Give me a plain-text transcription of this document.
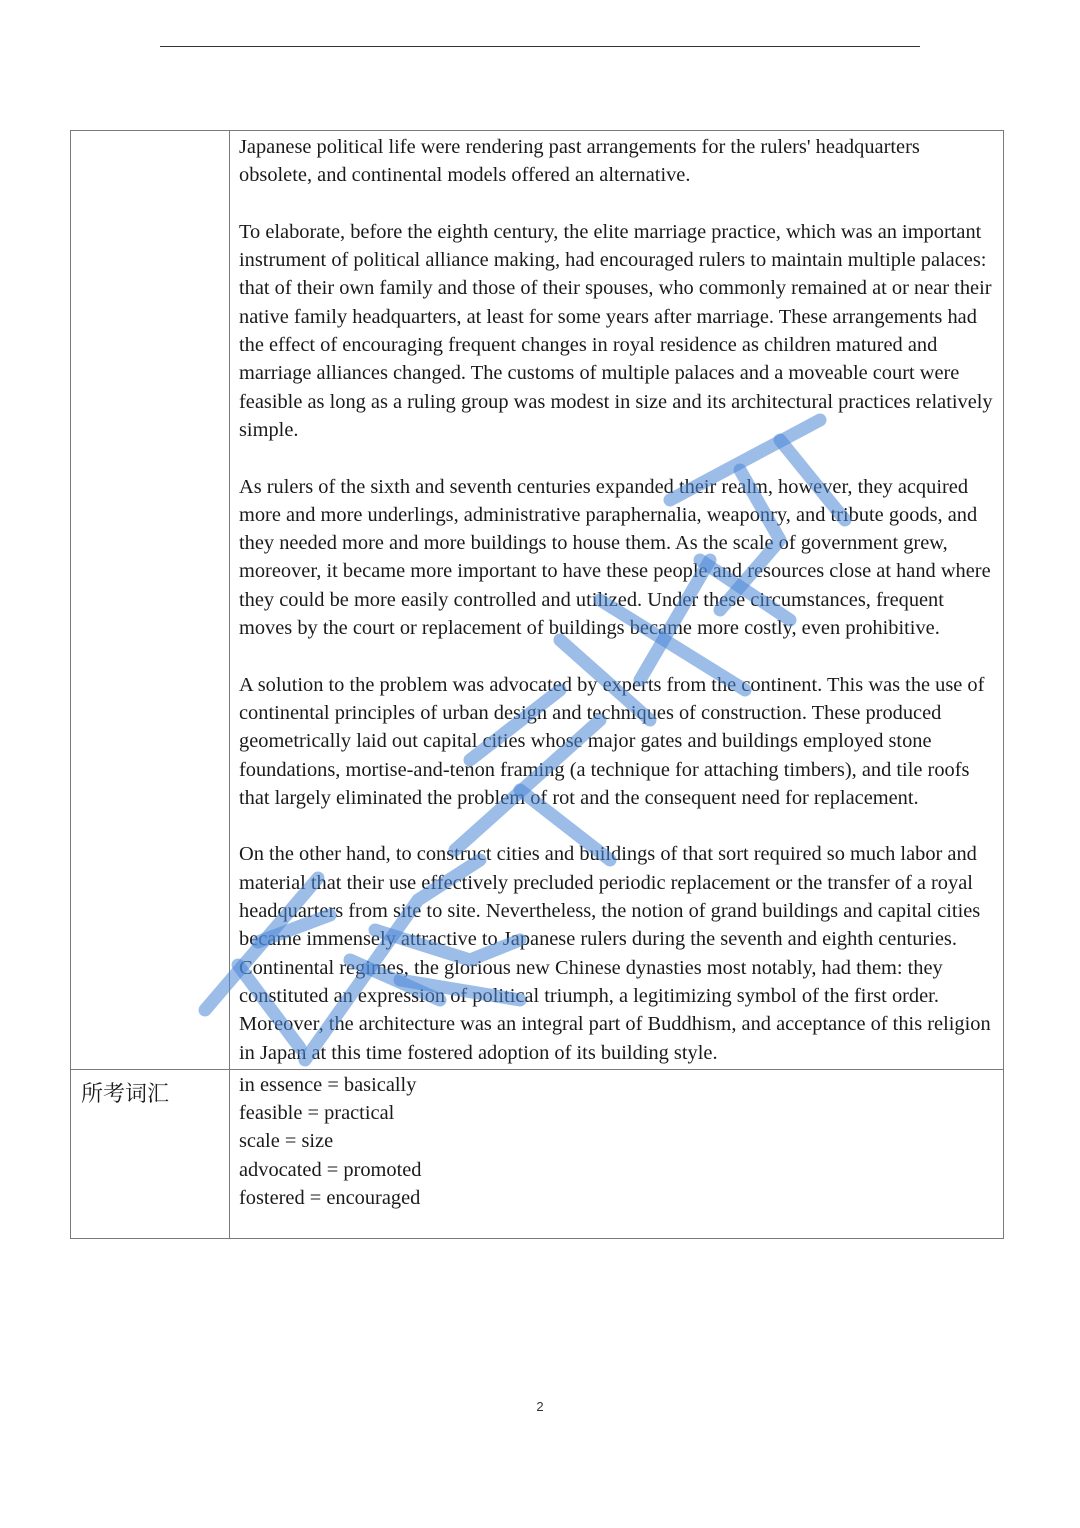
	Japanese political life were rendering past arrangements for the rulers' headquarters obsolete, and continental models offered an alternative.

To elaborate, before the eighth century, the elite marriage practice, which was an important instrument of political alliance making, had encouraged rulers to maintain multiple palaces: that of their own family and those of their spouses, who commonly remained at or near their native family headquarters, at least for some years after marriage. These arrangements had the effect of encouraging frequent changes in royal residence as children matured and marriage alliances changed. The customs of multiple palaces and a moveable court were feasible as long as a ruling group was modest in size and its architectural practices relatively simple.

As rulers of the sixth and seventh centuries expanded their realm, however, they acquired more and more underlings, administrative paraphernalia, weaponry, and tribute goods, and they needed more and more buildings to house them. As the scale of government grew, moreover, it became more important to have these people and resources close at hand where they could be more easily controlled and utilized. Under these circumstances, frequent moves by the court or replacement of buildings became more costly, even prohibitive.

A solution to the problem was advocated by experts from the continent. This was the use of continental principles of urban design and techniques of construction. These produced geometrically laid out capital cities whose major gates and buildings employed stone foundations, mortise-and-tenon framing (a technique for attaching timbers), and tile roofs that largely eliminated the problem of rot and the consequent need for replacement.

On the other hand, to construct cities and buildings of that sort required so much labor and material that their use effectively precluded periodic replacement or the transfer of a royal headquarters from site to site. Nevertheless, the notion of grand buildings and capital cities became immensely attractive to Japanese rulers during the seventh and eighth centuries. Continental regimes, the glorious new Chinese dynasties most notably, had them: they constituted an expression of political triumph, a legitimizing symbol of the first order. Moreover, the architecture was an integral part of Buddhism, and acceptance of this religion in Japan at this time fostered adoption of its building style.

所考词汇	in essence = basically
feasible = practical
scale = size
advocated = promoted
fostered = encouraged
2
